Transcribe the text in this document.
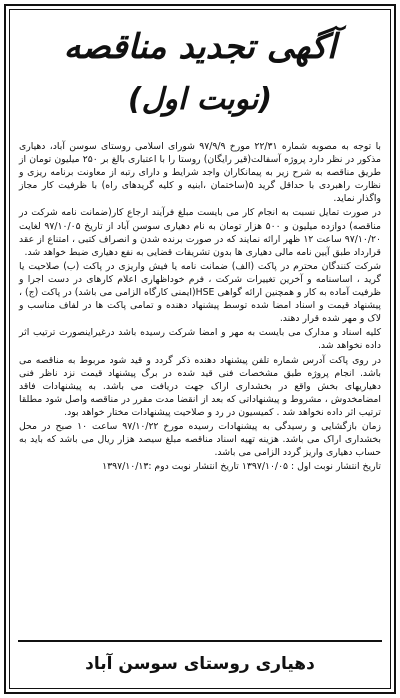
آگهی تجدید مناقصه
(نوبت اول)

با توجه به مصوبه شماره ۲۲/۳۱ مورخ ۹۷/۹/۹ شورای اسلامی روستای سوسن آباد، دهیاری مذکور در نظر دارد پروژه آسفالت(قیر رایگان) روستا را با اعتباری بالغ بر ۲۵۰ میلیون تومان از طریق مناقصه به شرح زیر به پیمانکاران واجد شرایط و دارای رتبه از معاونت برنامه ریزی و نظارت راهبردی با حداقل گرید ۵(ساختمان ،ابنیه و کلیه گریدهای راه) با ظرفیت کار مجاز واگذار نماید.

در صورت تمایل نسبت به انجام کار می بایست مبلغ فرآیند ارجاع کار(ضمانت نامه شرکت در مناقصه) دوازده میلیون و ۵۰۰ هزار تومان به نام دهیاری سوسن آباد از تاریخ ۹۷/۱۰/۰۵ لغایت ۹۷/۱۰/۲۰ ساعت ۱۲ ظهر ارائه نمایند که در صورت برنده شدن و انصراف کتبی ، امتناع از عقد قرارداد طبق آیین نامه مالی دهیاری ها بدون تشریفات قضایی به نفع دهیاری ضبط خواهد شد.

شرکت کنندگان محترم در پاکت (الف) ضمانت نامه یا فیش واریزی در پاکت (ب) صلاحیت یا گرید ، اساسنامه و آخرین تغییرات شرکت ، فرم خوداظهاری اعلام کارهای در دست اجرا و ظرفیت آماده به کار و همچنین ارائه گواهی HSE(ایمنی کارگاه الزامی می باشد) در پاکت (ج) ، پیشنهاد قیمت و اسناد امضا شده توسط پیشنهاد دهنده و تمامی پاکت ها در لفاف مناسب و لاک و مهر شده قرار دهند.

کلیه اسناد و مدارک می بایست به مهر و امضا شرکت رسیده باشد درغیراینصورت ترتیب اثر داده نخواهد شد.

در روی پاکت آدرس شماره تلفن پیشنهاد دهنده ذکر گردد و قید شود مربوط به مناقصه می باشد. انجام پروژه طبق مشخصات فنی قید شده در برگ پیشنهاد قیمت نزد ناظر فنی دهیاریهای بخش واقع در بخشداری اراک جهت دریافت می باشد. به پیشنهادات فاقد امضامخدوش ، مشروط و پیشنهاداتی که بعد از انقضا مدت مقرر در مناقصه واصل شود مطلقا ترتیب اثر داده نخواهد شد . کمیسیون در رد و صلاحیت پیشنهادات مختار خواهد بود.

زمان بازگشایی و رسیدگی به پیشنهادات رسیده مورخ ۹۷/۱۰/۲۲ ساعت ۱۰ صبح در محل بخشداری اراک می باشد. هزینه تهیه اسناد مناقصه مبلغ سیصد هزار ریال می باشد که باید به حساب دهیاری واریز گردد الزامی می باشد.

تاریخ انتشار نوبت اول : ۱۳۹۷/۱۰/۰۵ تاریخ انتشار نوبت دوم :۱۳۹۷/۱۰/۱۳

دهیاری روستای سوسن آباد
